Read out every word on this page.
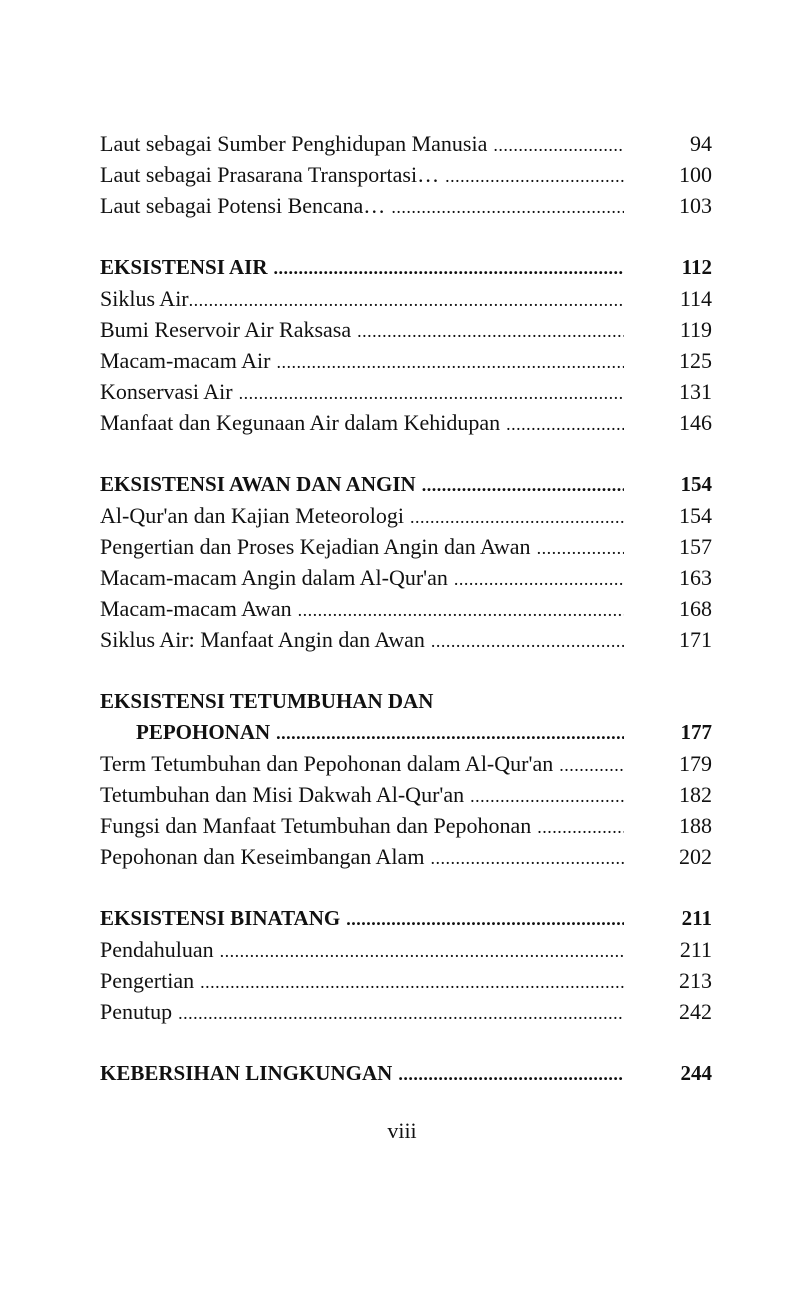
Laut sebagai Sumber Penghidupan Manusia .....	94
Laut sebagai Prasarana Transportasi… .....	100
Laut sebagai Potensi Bencana… .....	103
EKSISTENSI AIR .....	112
Siklus Air .....	114
Bumi Reservoir Air Raksasa .....	119
Macam-macam Air .....	125
Konservasi Air .....	131
Manfaat dan Kegunaan Air dalam Kehidupan .....	146
EKSISTENSI AWAN DAN ANGIN .....	154
Al-Qur'an dan Kajian Meteorologi .....	154
Pengertian dan Proses Kejadian Angin dan Awan .....	157
Macam-macam Angin dalam Al-Qur'an .....	163
Macam-macam Awan .....	168
Siklus Air: Manfaat Angin dan Awan .....	171
EKSISTENSI TETUMBUHAN DAN
PEPOHONAN .....	177
Term Tetumbuhan dan Pepohonan dalam Al-Qur'an .....	179
Tetumbuhan dan Misi Dakwah Al-Qur'an .....	182
Fungsi dan Manfaat Tetumbuhan dan Pepohonan .....	188
Pepohonan dan Keseimbangan Alam .....	202
EKSISTENSI BINATANG .....	211
Pendahuluan .....	211
Pengertian .....	213
Penutup .....	242
KEBERSIHAN LINGKUNGAN .....	244
viii
